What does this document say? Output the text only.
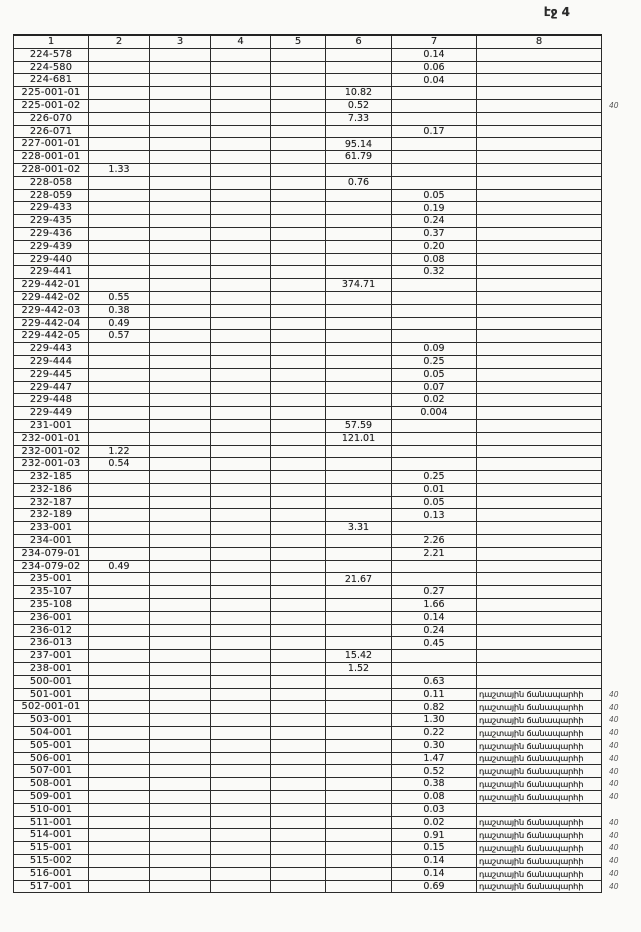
էջ 4
1	2	3	4	5	6	7	8	
224-578						0.14		
224-580						0.06		
224-681						0.04		
225-001-01					10.82			
225-001-02					0.52			40
226-070					7.33			
226-071						0.17		
227-001-01					95.14			
228-001-01					61.79			
228-001-02	1.33							
228-058					0.76			
228-059						0.05		
229-433						0.19		
229-435						0.24		
229-436						0.37		
229-439						0.20		
229-440						0.08		
229-441						0.32		
229-442-01					374.71			
229-442-02	0.55							
229-442-03	0.38							
229-442-04	0.49							
229-442-05	0.57							
229-443						0.09		
229-444						0.25		
229-445						0.05		
229-447						0.07		
229-448						0.02		
229-449						0.004		
231-001					57.59			
232-001-01					121.01			
232-001-02	1.22							
232-001-03	0.54							
232-185						0.25		
232-186						0.01		
232-187						0.05		
232-189						0.13		
233-001					3.31			
234-001						2.26		
234-079-01						2.21		
234-079-02	0.49							
235-001					21.67			
235-107						0.27		
235-108						1.66		
236-001						0.14		
236-012						0.24		
236-013						0.45		
237-001					15.42			
238-001					1.52			
500-001						0.63		
501-001						0.11	դաշտային ճանապարհի	40
502-001-01						0.82	դաշտային ճանապարհի	40
503-001						1.30	դաշտային ճանապարհի	40
504-001						0.22	դաշտային ճանապարհի	40
505-001						0.30	դաշտային ճանապարհի	40
506-001						1.47	դաշտային ճանապարհի	40
507-001						0.52	դաշտային ճանապարհի	40
508-001						0.38	դաշտային ճանապարհի	40
509-001						0.08	դաշտային ճանապարհի	40
510-001						0.03		
511-001						0.02	դաշտային ճանապարհի	40
514-001						0.91	դաշտային ճանապարհի	40
515-001						0.15	դաշտային ճանապարհի	40
515-002						0.14	դաշտային ճանապարհի	40
516-001						0.14	դաշտային ճանապարհի	40
517-001						0.69	դաշտային ճանապարհի	40
